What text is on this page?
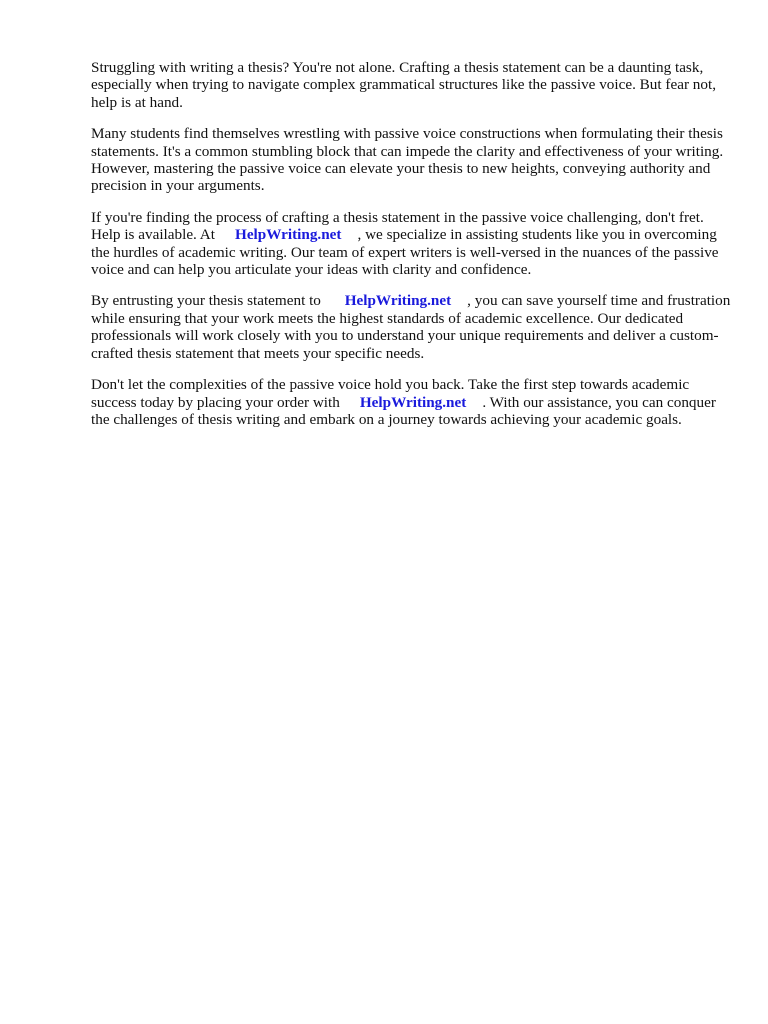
Struggling with writing a thesis? You're not alone. Crafting a thesis statement can be a daunting task, especially when trying to navigate complex grammatical structures like the passive voice. But fear not, help is at hand.

Many students find themselves wrestling with passive voice constructions when formulating their thesis statements. It's a common stumbling block that can impede the clarity and effectiveness of your writing. However, mastering the passive voice can elevate your thesis to new heights, conveying authority and precision in your arguments.

If you're finding the process of crafting a thesis statement in the passive voice challenging, don't fret. Help is available. At HelpWriting.net , we specialize in assisting students like you in overcoming the hurdles of academic writing. Our team of expert writers is well-versed in the nuances of the passive voice and can help you articulate your ideas with clarity and confidence.

By entrusting your thesis statement to HelpWriting.net , you can save yourself time and frustration while ensuring that your work meets the highest standards of academic excellence. Our dedicated professionals will work closely with you to understand your unique requirements and deliver a custom-crafted thesis statement that meets your specific needs.

Don't let the complexities of the passive voice hold you back. Take the first step towards academic success today by placing your order with HelpWriting.net . With our assistance, you can conquer the challenges of thesis writing and embark on a journey towards achieving your academic goals.
